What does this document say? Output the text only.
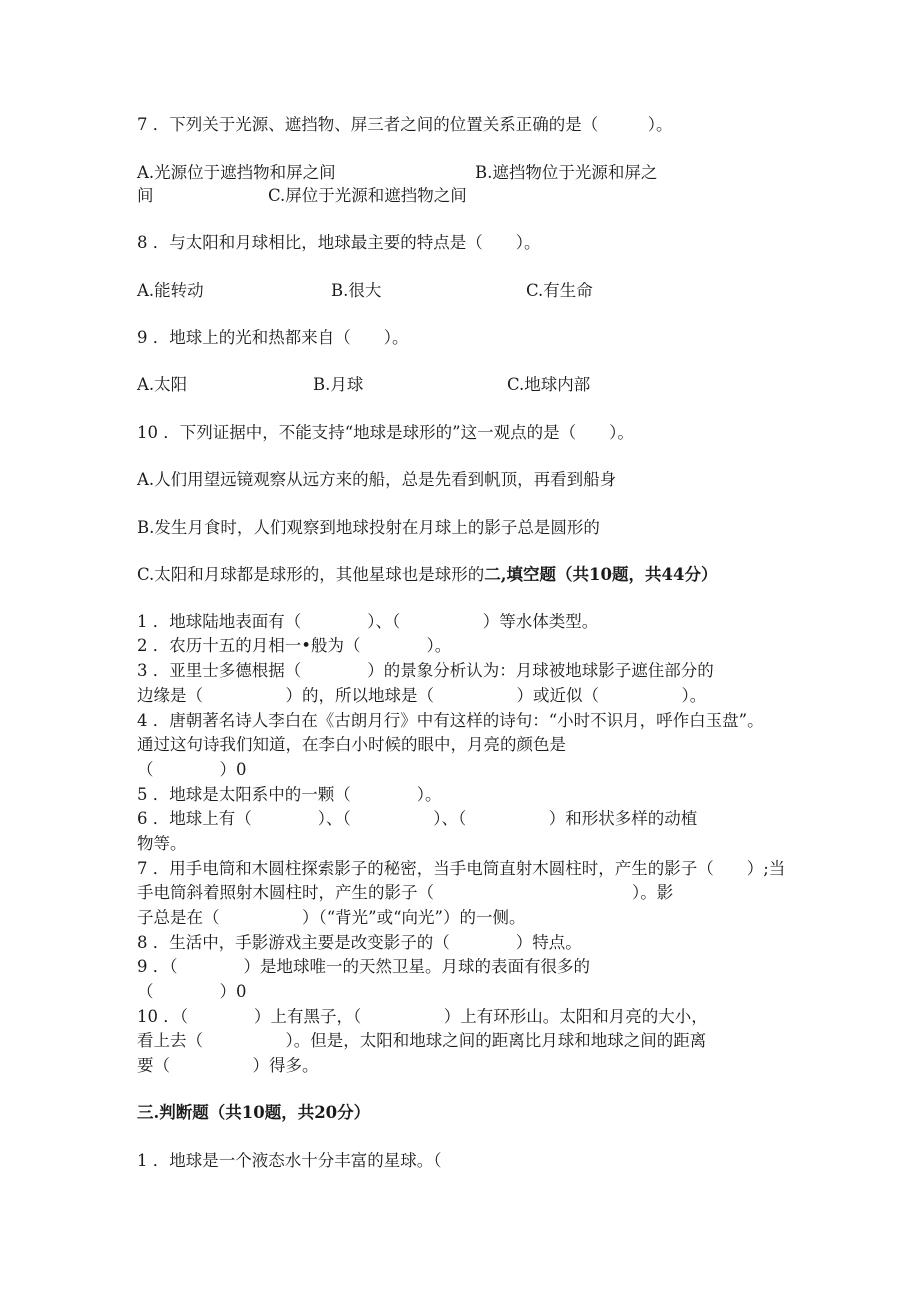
7 ．下列关于光源、遮挡物、屏三者之间的位置关系正确的是（　　　）。
A.光源位于遮挡物和屏之间	B.遮挡物位于光源和屏之
间	C.屏位于光源和遮挡物之间
8 ．与太阳和月球相比，地球最主要的特点是（　　）。
A.能转动	B.很大	C.有生命
9 ．地球上的光和热都来自（　　）。
A.太阳	B.月球	C.地球内部
10 ．下列证据中，不能支持“地球是球形的”这一观点的是（　　）。
A.人们用望远镜观察从远方来的船，总是先看到帆顶，再看到船身
B.发生月食时，人们观察到地球投射在月球上的影子总是圆形的
C.太阳和月球都是球形的，其他星球也是球形的二,填空题（共10题，共44分）
1 ．地球陆地表面有（　　　　）、（　　　　　）等水体类型。
2 ．农历十五的月相一•般为（　　　　）。
3 ．亚里士多德根据（　　　　）的景象分析认为：月球被地球影子遮住部分的
边缘是（　　　　　）的，所以地球是（　　　　　）或近似（　　　　　）。
4 ．唐朝著名诗人李白在《古朗月行》中有这样的诗句：“小时不识月，呼作白玉盘”。
通过这句诗我们知道，在李白小时候的眼中，月亮的颜色是
（　　　　）0
5 ．地球是太阳系中的一颗（　　　　）。
6 ．地球上有（　　　　）、（　　　　　）、（　　　　　）和形状多样的动植
物等。
7 ．用手电筒和木圆柱探索影子的秘密，当手电筒直射木圆柱时，产生的影子（　　）;当
手电筒斜着照射木圆柱时，产生的影子（　　　　　　　　　　　　）。影
子总是在（　　　　　）（“背光”或“向光”）的一侧。
8 ．生活中，手影游戏主要是改变影子的（　　　　）特点。
9 ．（　　　　）是地球唯一的天然卫星。月球的表面有很多的
（　　　　）0
10 ．（　　　　）上有黑子，（　　　　　）上有环形山。太阳和月亮的大小，
看上去（　　　　　）。但是，太阳和地球之间的距离比月球和地球之间的距离
要（　　　　　）得多。
三.判断题（共10题，共20分）
1 ．地球是一个液态水十分丰富的星球。（
